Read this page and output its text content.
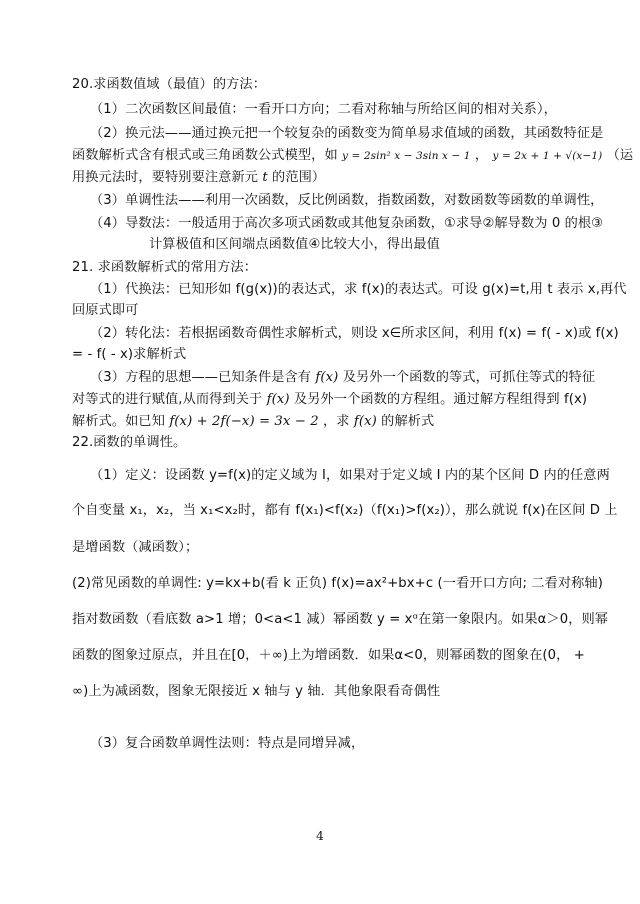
20.求函数值域（最值）的方法：
（1）二次函数区间最值：一看开口方向；二看对称轴与所给区间的相对关系），
（2）换元法——通过换元把一个较复杂的函数变为简单易求值域的函数，其函数特征是
函数解析式含有根式或三角函数公式模型，如 y = 2sin² x − 3sin x − 1 ， y = 2x + 1 + √(x−1) （运
用换元法时，要特别要注意新元 t 的范围）
（3）单调性法——利用一次函数，反比例函数，指数函数，对数函数等函数的单调性，
（4）导数法：一般适用于高次多项式函数或其他复杂函数，①求导②解导数为 0 的根③
计算极值和区间端点函数值④比较大小，得出最值
21. 求函数解析式的常用方法：
（1）代换法：已知形如 f(g(x))的表达式，求 f(x)的表达式。可设 g(x)=t,用 t 表示 x,再代
回原式即可
（2）转化法：若根据函数奇偶性求解析式，则设 x∈所求区间，利用 f(x) = f( - x)或 f(x)
= - f( - x)求解析式
（3）方程的思想——已知条件是含有 f(x) 及另外一个函数的等式，可抓住等式的特征
对等式的进行赋值,从而得到关于 f(x) 及另外一个函数的方程组。通过解方程组得到 f(x)
解析式。如已知 f(x) + 2f(−x) = 3x − 2 ，求 f(x) 的解析式
22.函数的单调性。
（1）定义：设函数 y=f(x)的定义域为 I，如果对于定义域 I 内的某个区间 D 内的任意两
个自变量 x₁，x₂，当 x₁<x₂时，都有 f(x₁)<f(x₂)（f(x₁)>f(x₂)），那么就说 f(x)在区间 D 上
是增函数（减函数）；
(2)常见函数的单调性: y=kx+b(看 k 正负) f(x)=ax²+bx+c (一看开口方向; 二看对称轴)
指对数函数（看底数 a>1 增；0<a<1 减）幂函数 y = xᵅ在第一象限内。如果α＞0，则幂
函数的图象过原点，并且在[0，＋∞)上为增函数．如果α<0，则幂函数的图象在(0， +
∞)上为减函数，图象无限接近 x 轴与 y 轴．其他象限看奇偶性
（3）复合函数单调性法则：特点是同增异减，
4
